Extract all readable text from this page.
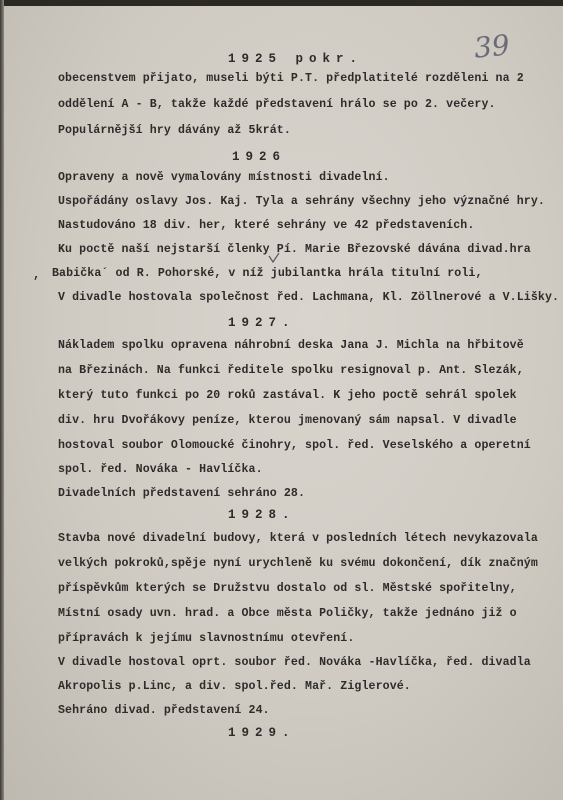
39
1925 pokr.
obecenstvem přijato, museli býti P.T. předplatitelé rozděleni na 2
oddělení A - B, takže každé představení hrálo se po 2. večery.
Populárnější hry dávány až 5krát.
1926
Opraveny a nově vymalovány místnosti divadelní.
Uspořádány oslavy Jos. Kaj. Tyla a sehrány všechny jeho význačné hry.
Nastudováno 18 div. her, které sehrány ve 42 představeních.
Ku poctě naší nejstarší členky Pí. Marie Březovské dávána divad.hra
, Babička´ od R. Pohorské, v níž jubilantka hrála titulní roli,
V divadle hostovala společnost řed. Lachmana, Kl. Zöllnerové a V.Lišky.
1927.
Nákladem spolku opravena náhrobní deska Jana J. Michla na hřbitově
na Březinách. Na funkci ředitele spolku resignoval p. Ant. Slezák,
který tuto funkci po 20 roků zastával. K jeho poctě sehrál spolek
div. hru Dvořákovy peníze, kterou jmenovaný sám napsal. V divadle
hostoval soubor Olomoucké činohry, spol. řed. Veselského a operetní
spol. řed. Nováka - Havlíčka.
Divadelních představení sehráno 28.
1928.
Stavba nové divadelní budovy, která v posledních létech nevykazovala
velkých pokroků,spěje nyní urychleně ku svému dokončení, dík značným
příspěvkům kterých se Družstvu dostalo od sl. Městské spořitelny,
Místní osady uvn. hrad. a Obce města Poličky, takže jednáno již o
přípravách k jejímu slavnostnímu otevření.
V divadle hostoval oprt. soubor řed. Nováka -Havlíčka, řed. divadla
Akropolis p.Linc, a div. spol.řed. Mař. Ziglerové.
Sehráno divad. představení 24.
1929.
